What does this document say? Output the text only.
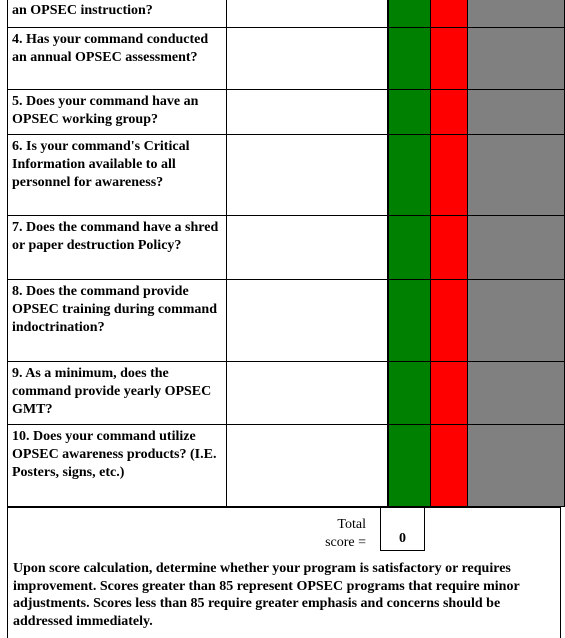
an OPSEC instruction?					
4. Has your command conducted an annual OPSEC assessment?					
5. Does your command have an OPSEC working group?					
6. Is your command's Critical Information available to all personnel for awareness?					
7. Does the command have a shred or paper destruction Policy?					
8. Does the command provide OPSEC training during command indoctrination?					
9. As a minimum, does the command provide yearly OPSEC GMT?					
10. Does your command utilize OPSEC awareness products? (I.E. Posters, signs, etc.)					
Total score =	0
Upon score calculation, determine whether your program is satisfactory or requires improvement. Scores greater than 85 represent OPSEC programs that require minor adjustments. Scores less than 85 require greater emphasis and concerns should be addressed immediately.
